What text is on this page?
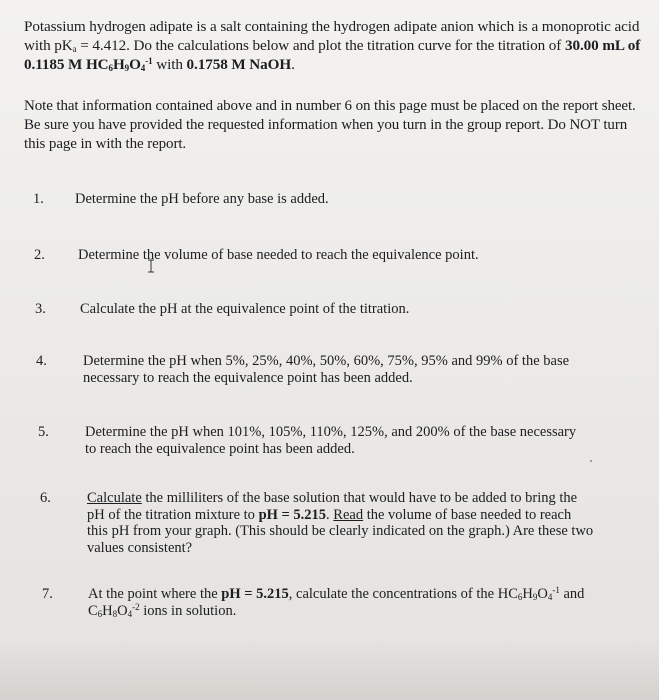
Potassium hydrogen adipate is a salt containing the hydrogen adipate anion which is a monoprotic acid with $pK_a = 4.412$. Do the calculations below and plot the titration curve for the titration of 30.00 mL of 0.1185 M $HC_6H_9O_4^{-1}$ with 0.1758 M NaOH.
Note that information contained above and in number 6 on this page must be placed on the report sheet. Be sure you have provided the requested information when you turn in the group report. Do NOT turn this page in with the report.
1. Determine the pH before any base is added.
2. Determine the volume of base needed to reach the equivalence point.
3. Calculate the pH at the equivalence point of the titration.
4. Determine the pH when 5%, 25%, 40%, 50%, 60%, 75%, 95% and 99% of the base necessary to reach the equivalence point has been added.
5. Determine the pH when 101%, 105%, 110%, 125%, and 200% of the base necessary to reach the equivalence point has been added.
6. Calculate the milliliters of the base solution that would have to be added to bring the pH of the titration mixture to pH = 5.215. Read the volume of base needed to reach this pH from your graph. (This should be clearly indicated on the graph.) Are these two values consistent?
7. At the point where the pH = 5.215, calculate the concentrations of the $HC_6H_9O_4^{-1}$ and $C_6H_8O_4^{-2}$ ions in solution.
